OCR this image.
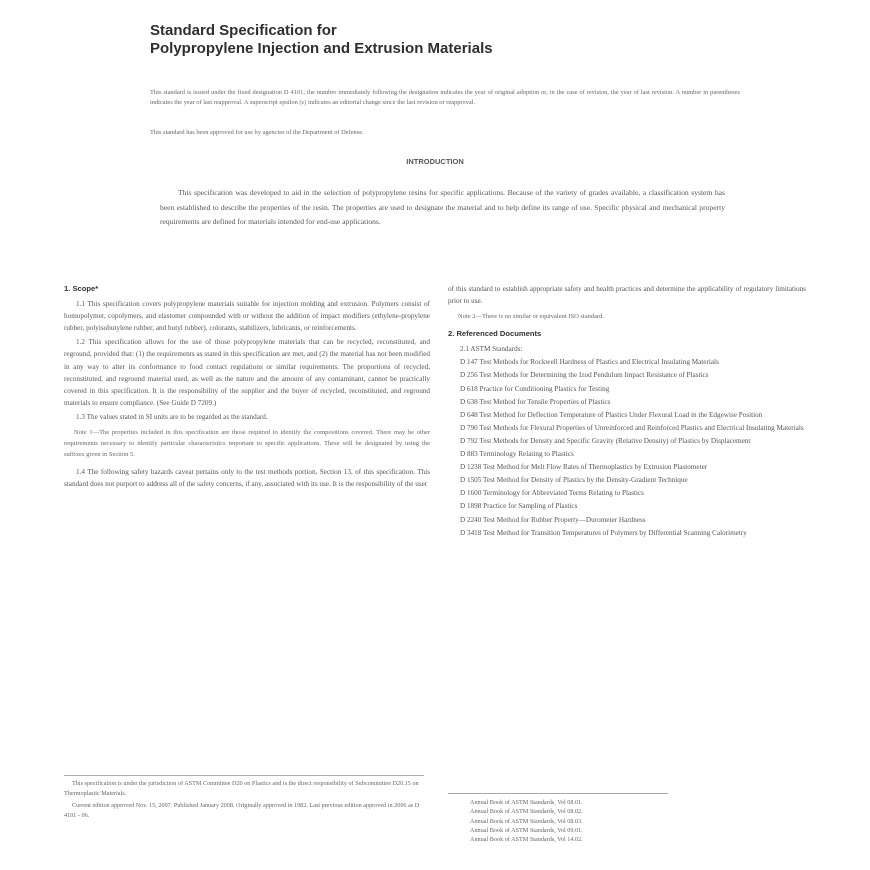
Standard Specification for
Polypropylene Injection and Extrusion Materials
This standard is issued under the fixed designation D 4101; the number immediately following the designation indicates the year of original adoption or, in the case of revision, the year of last revision. A number in parentheses indicates the year of last reapproval. A superscript epsilon (ε) indicates an editorial change since the last revision or reapproval.
This standard has been approved for use by agencies of the Department of Defense.
INTRODUCTION
This specification was developed to aid in the selection of polypropylene resins for specific applications. Because of the variety of grades available, a classification system has been established to describe the properties of the resin. The properties are used to designate the material and to help define its range of use. Specific physical and mechanical property requirements are defined for materials intended for end-use applications.
1. Scope*

1.1 This specification covers polypropylene materials suitable for injection molding and extrusion. Polymers consist of homopolymer, copolymers, and elastomer compounded with or without the addition of impact modifiers (ethylene-propylene rubber, polyisobutylene rubber, and butyl rubber), colorants, stabilizers, lubricants, or reinforcements.

1.2 This specification allows for the use of those polypropylene materials that can be recycled, reconstituted, and reground, provided that: (1) the requirements as stated in this specification are met, and (2) the material has not been modified in any way to alter its conformance to food contact regulations or similar requirements. The proportions of recycled, reconstituted, and reground material used, as well as the nature and the amount of any contaminant, cannot be practically covered in this specification. It is the responsibility of the supplier and the buyer of recycled, reconstituted, and reground materials to ensure compliance. (See Guide D 7209.)

1.3 The values stated in SI units are to be regarded as the standard.

Note 1—The properties included in this specification are those required to identify the compositions covered. There may be other requirements necessary to identify particular characteristics important to specific applications. These will be designated by using the suffixes given in Section 5.

1.4 The following safety hazards caveat pertains only to the test methods portion, Section 13, of this specification. This standard does not purport to address all of the safety concerns, if any, associated with its use. It is the responsibility of the user

of this standard to establish appropriate safety and health practices and determine the applicability of regulatory limitations prior to use.

Note 2—There is no similar or equivalent ISO standard.

2. Referenced Documents

2.1 ASTM Standards:

D 147 Test Methods for Rockwell Hardness of Plastics and Electrical Insulating Materials

D 256 Test Methods for Determining the Izod Pendulum Impact Resistance of Plastics

D 618 Practice for Conditioning Plastics for Testing

D 638 Test Method for Tensile Properties of Plastics

D 648 Test Method for Deflection Temperature of Plastics Under Flexural Load in the Edgewise Position

D 790 Test Methods for Flexural Properties of Unreinforced and Reinforced Plastics and Electrical Insulating Materials

D 792 Test Methods for Density and Specific Gravity (Relative Density) of Plastics by Displacement

D 883 Terminology Relating to Plastics

D 1238 Test Method for Melt Flow Rates of Thermoplastics by Extrusion Plastometer

D 1505 Test Method for Density of Plastics by the Density-Gradient Technique

D 1600 Terminology for Abbreviated Terms Relating to Plastics

D 1898 Practice for Sampling of Plastics

D 2240 Test Method for Rubber Property—Durometer Hardness

D 3418 Test Method for Transition Temperatures of Polymers by Differential Scanning Calorimetry

This specification is under the jurisdiction of ASTM Committee D20 on Plastics and is the direct responsibility of Subcommittee D20.15 on Thermoplastic Materials.

Current edition approved Nov. 15, 2007. Published January 2008. Originally approved in 1982. Last previous edition approved in 2006 as D 4101 - 06.

Annual Book of ASTM Standards, Vol 08.01.
Annual Book of ASTM Standards, Vol 08.02.
Annual Book of ASTM Standards, Vol 08.03.
Annual Book of ASTM Standards, Vol 09.01.
Annual Book of ASTM Standards, Vol 14.02.
